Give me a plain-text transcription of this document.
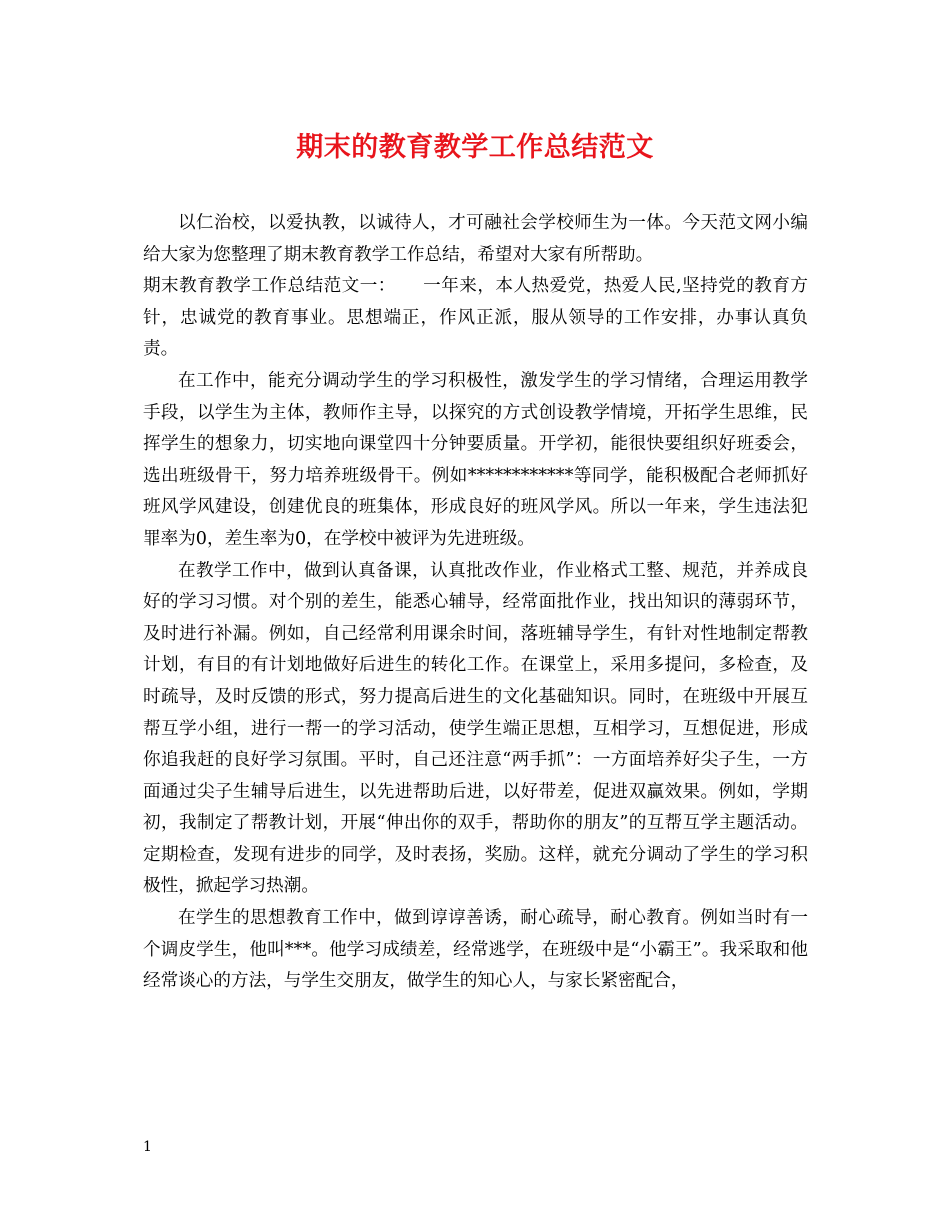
期末的教育教学工作总结范文

以仁治校，以爱执教，以诚待人，才可融社会学校师生为一体。今天范文网小编给大家为您整理了期末教育教学工作总结，希望对大家有所帮助。

期末教育教学工作总结范文一：　　一年来，本人热爱党，热爱人民,坚持党的教育方针，忠诚党的教育事业。思想端正，作风正派，服从领导的工作安排，办事认真负责。

在工作中，能充分调动学生的学习积极性，激发学生的学习情绪，合理运用教学手段，以学生为主体，教师作主导，以探究的方式创设教学情境，开拓学生思维，民挥学生的想象力，切实地向课堂四十分钟要质量。开学初，能很快要组织好班委会，选出班级骨干，努力培养班级骨干。例如************等同学，能积极配合老师抓好班风学风建设，创建优良的班集体，形成良好的班风学风。所以一年来，学生违法犯罪率为0，差生率为0，在学校中被评为先进班级。

在教学工作中，做到认真备课，认真批改作业，作业格式工整、规范，并养成良好的学习习惯。对个别的差生，能悉心辅导，经常面批作业，找出知识的薄弱环节，及时进行补漏。例如，自己经常利用课余时间，落班辅导学生，有针对性地制定帮教计划，有目的有计划地做好后进生的转化工作。在课堂上，采用多提问，多检查，及时疏导，及时反馈的形式，努力提高后进生的文化基础知识。同时，在班级中开展互帮互学小组，进行一帮一的学习活动，使学生端正思想，互相学习，互想促进，形成你追我赶的良好学习氛围。平时，自己还注意“两手抓”：一方面培养好尖子生，一方面通过尖子生辅导后进生，以先进帮助后进，以好带差，促进双赢效果。例如，学期初，我制定了帮教计划，开展“伸出你的双手，帮助你的朋友”的互帮互学主题活动。定期检查，发现有进步的同学，及时表扬，奖励。这样，就充分调动了学生的学习积极性，掀起学习热潮。

在学生的思想教育工作中，做到谆谆善诱，耐心疏导，耐心教育。例如当时有一个调皮学生，他叫***。他学习成绩差，经常逃学，在班级中是“小霸王”。我采取和他经常谈心的方法，与学生交朋友，做学生的知心人，与家长紧密配合，

1
